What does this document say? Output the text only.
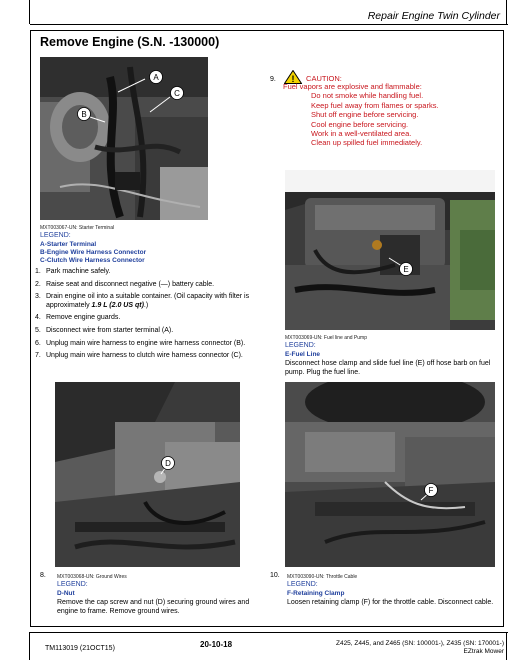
Repair Engine Twin Cylinder
Remove Engine (S.N. -130000)
A
C
B
MXT003067-UN: Starter Terminal
LEGEND:
A-Starter Terminal
B-Engine Wire Harness Connector
C-Clutch Wire Harness Connector
1. Park machine safely.
2. Raise seat and disconnect negative (—) battery cable.
3. Drain engine oil into a suitable container. (Oil capacity with filter is approximately 1.9 L (2.0 US qt).)
4. Remove engine guards.
5. Disconnect wire from starter terminal (A).
6. Unplug main wire harness to engine wire harness connector (B).
7. Unplug main wire harness to clutch wire harness connector (C).
9. ! CAUTION:
Fuel vapors are explosive and flammable:
Do not smoke while handling fuel.
Keep fuel away from flames or sparks.
Shut off engine before servicing.
Cool engine before servicing.
Work in a well-ventilated area.
Clean up spilled fuel immediately.
E
MXT003069-UN: Fuel line and Pump
LEGEND:
E-Fuel Line
Disconnect hose clamp and slide fuel line (E) off hose barb on fuel pump. Plug the fuel line.
D
8. MXT003068-UN: Ground Wires
LEGEND:
D-Nut
Remove the cap screw and nut (D) securing ground wires and engine to frame. Remove ground wires.
F
10. MXT003090-UN: Throttle Cable
LEGEND:
F-Retaining Clamp
Loosen retaining clamp (F) for the throttle cable. Disconnect cable.
TM113019 (21OCT15)	20-10-18	Z425, Z445, and Z465 (SN: 100001-), Z435 (SN: 170001-)
EZtrak Mower
